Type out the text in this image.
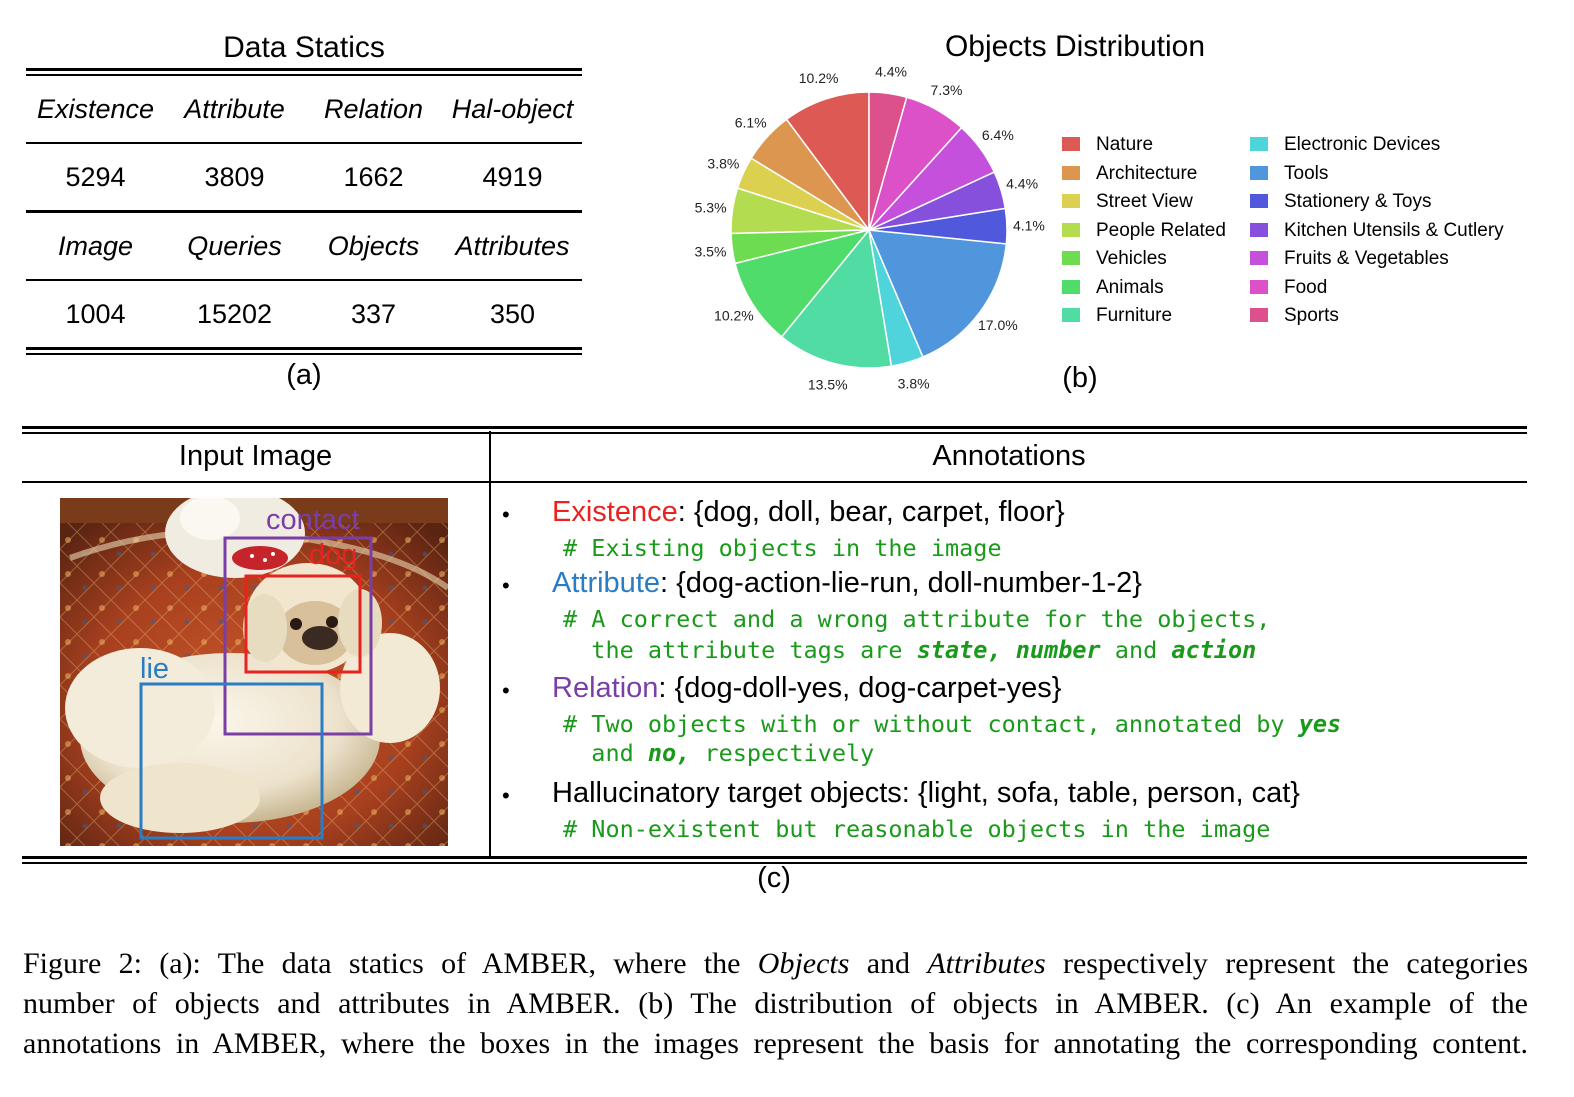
Data Statics
Existence	Attribute	Relation	Hal-object
5294	3809	1662	4919
Image	Queries	Objects	Attributes
1004	15202	337	350
(a)
Objects Distribution
10.2%
6.1%
3.8%
5.3%
3.5%
10.2%
13.5%	3.8%
17.0%
4.1%
4.4%
6.4%
7.3%
4.4%
Nature
Architecture
Street View
People Related
Vehicles
Animals
Furniture
Electronic Devices
Tools
Stationery & Toys
Kitchen Utensils & Cutlery
Fruits & Vegetables
Food
Sports
(b)
Input Image	Annotations
contact
dog
lie
• Existence: {dog, doll, bear, carpet, floor}
# Existing objects in the image
• Attribute: {dog-action-lie-run, doll-number-1-2}
# A correct and a wrong attribute for the objects,
the attribute tags are state, number and action
• Relation: {dog-doll-yes, dog-carpet-yes}
# Two objects with or without contact, annotated by yes
and no, respectively
• Hallucinatory target objects: {light, sofa, table, person, cat}
# Non-existent but reasonable objects in the image
(c)
Figure 2: (a): The data statics of AMBER, where the Objects and Attributes respectively represent the categories
number of objects and attributes in AMBER. (b) The distribution of objects in AMBER. (c) An example of the
annotations in AMBER, where the boxes in the images represent the basis for annotating the corresponding content.
